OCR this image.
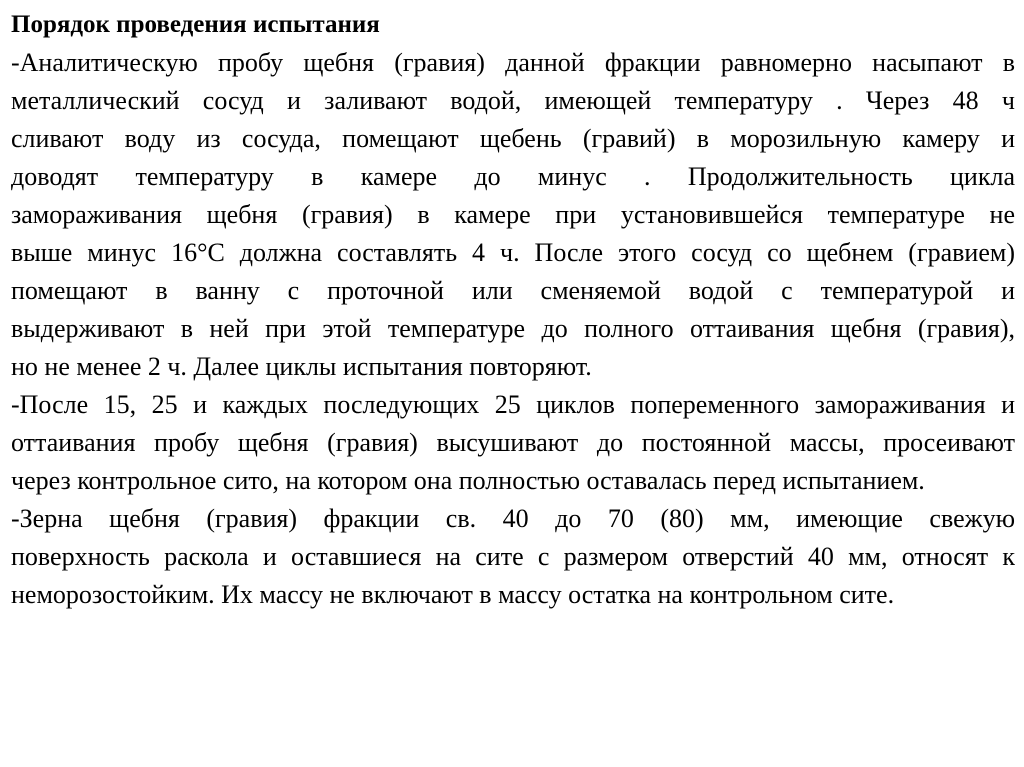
Порядок проведения испытания

-Аналитическую пробу щебня (гравия) данной фракции равномерно насыпают в
металлический сосуд и заливают водой, имеющей температуру . Через 48 ч
сливают воду из сосуда, помещают щебень (гравий) в морозильную камеру и
доводят температуру в камере до минус . Продолжительность цикла
замораживания щебня (гравия) в камере при установившейся температуре не
выше минус 16°С должна составлять 4 ч. После этого сосуд со щебнем (гравием)
помещают в ванну с проточной или сменяемой водой с температурой и
выдерживают в ней при этой температуре до полного оттаивания щебня (гравия),
но не менее 2 ч. Далее циклы испытания повторяют.

-После 15, 25 и каждых последующих 25 циклов попеременного замораживания и
оттаивания пробу щебня (гравия) высушивают до постоянной массы, просеивают
через контрольное сито, на котором она полностью оставалась перед испытанием.

-Зерна щебня (гравия) фракции св. 40 до 70 (80) мм, имеющие свежую
поверхность раскола и оставшиеся на сите с размером отверстий 40 мм, относят к
неморозостойким. Их массу не включают в массу остатка на контрольном сите.
